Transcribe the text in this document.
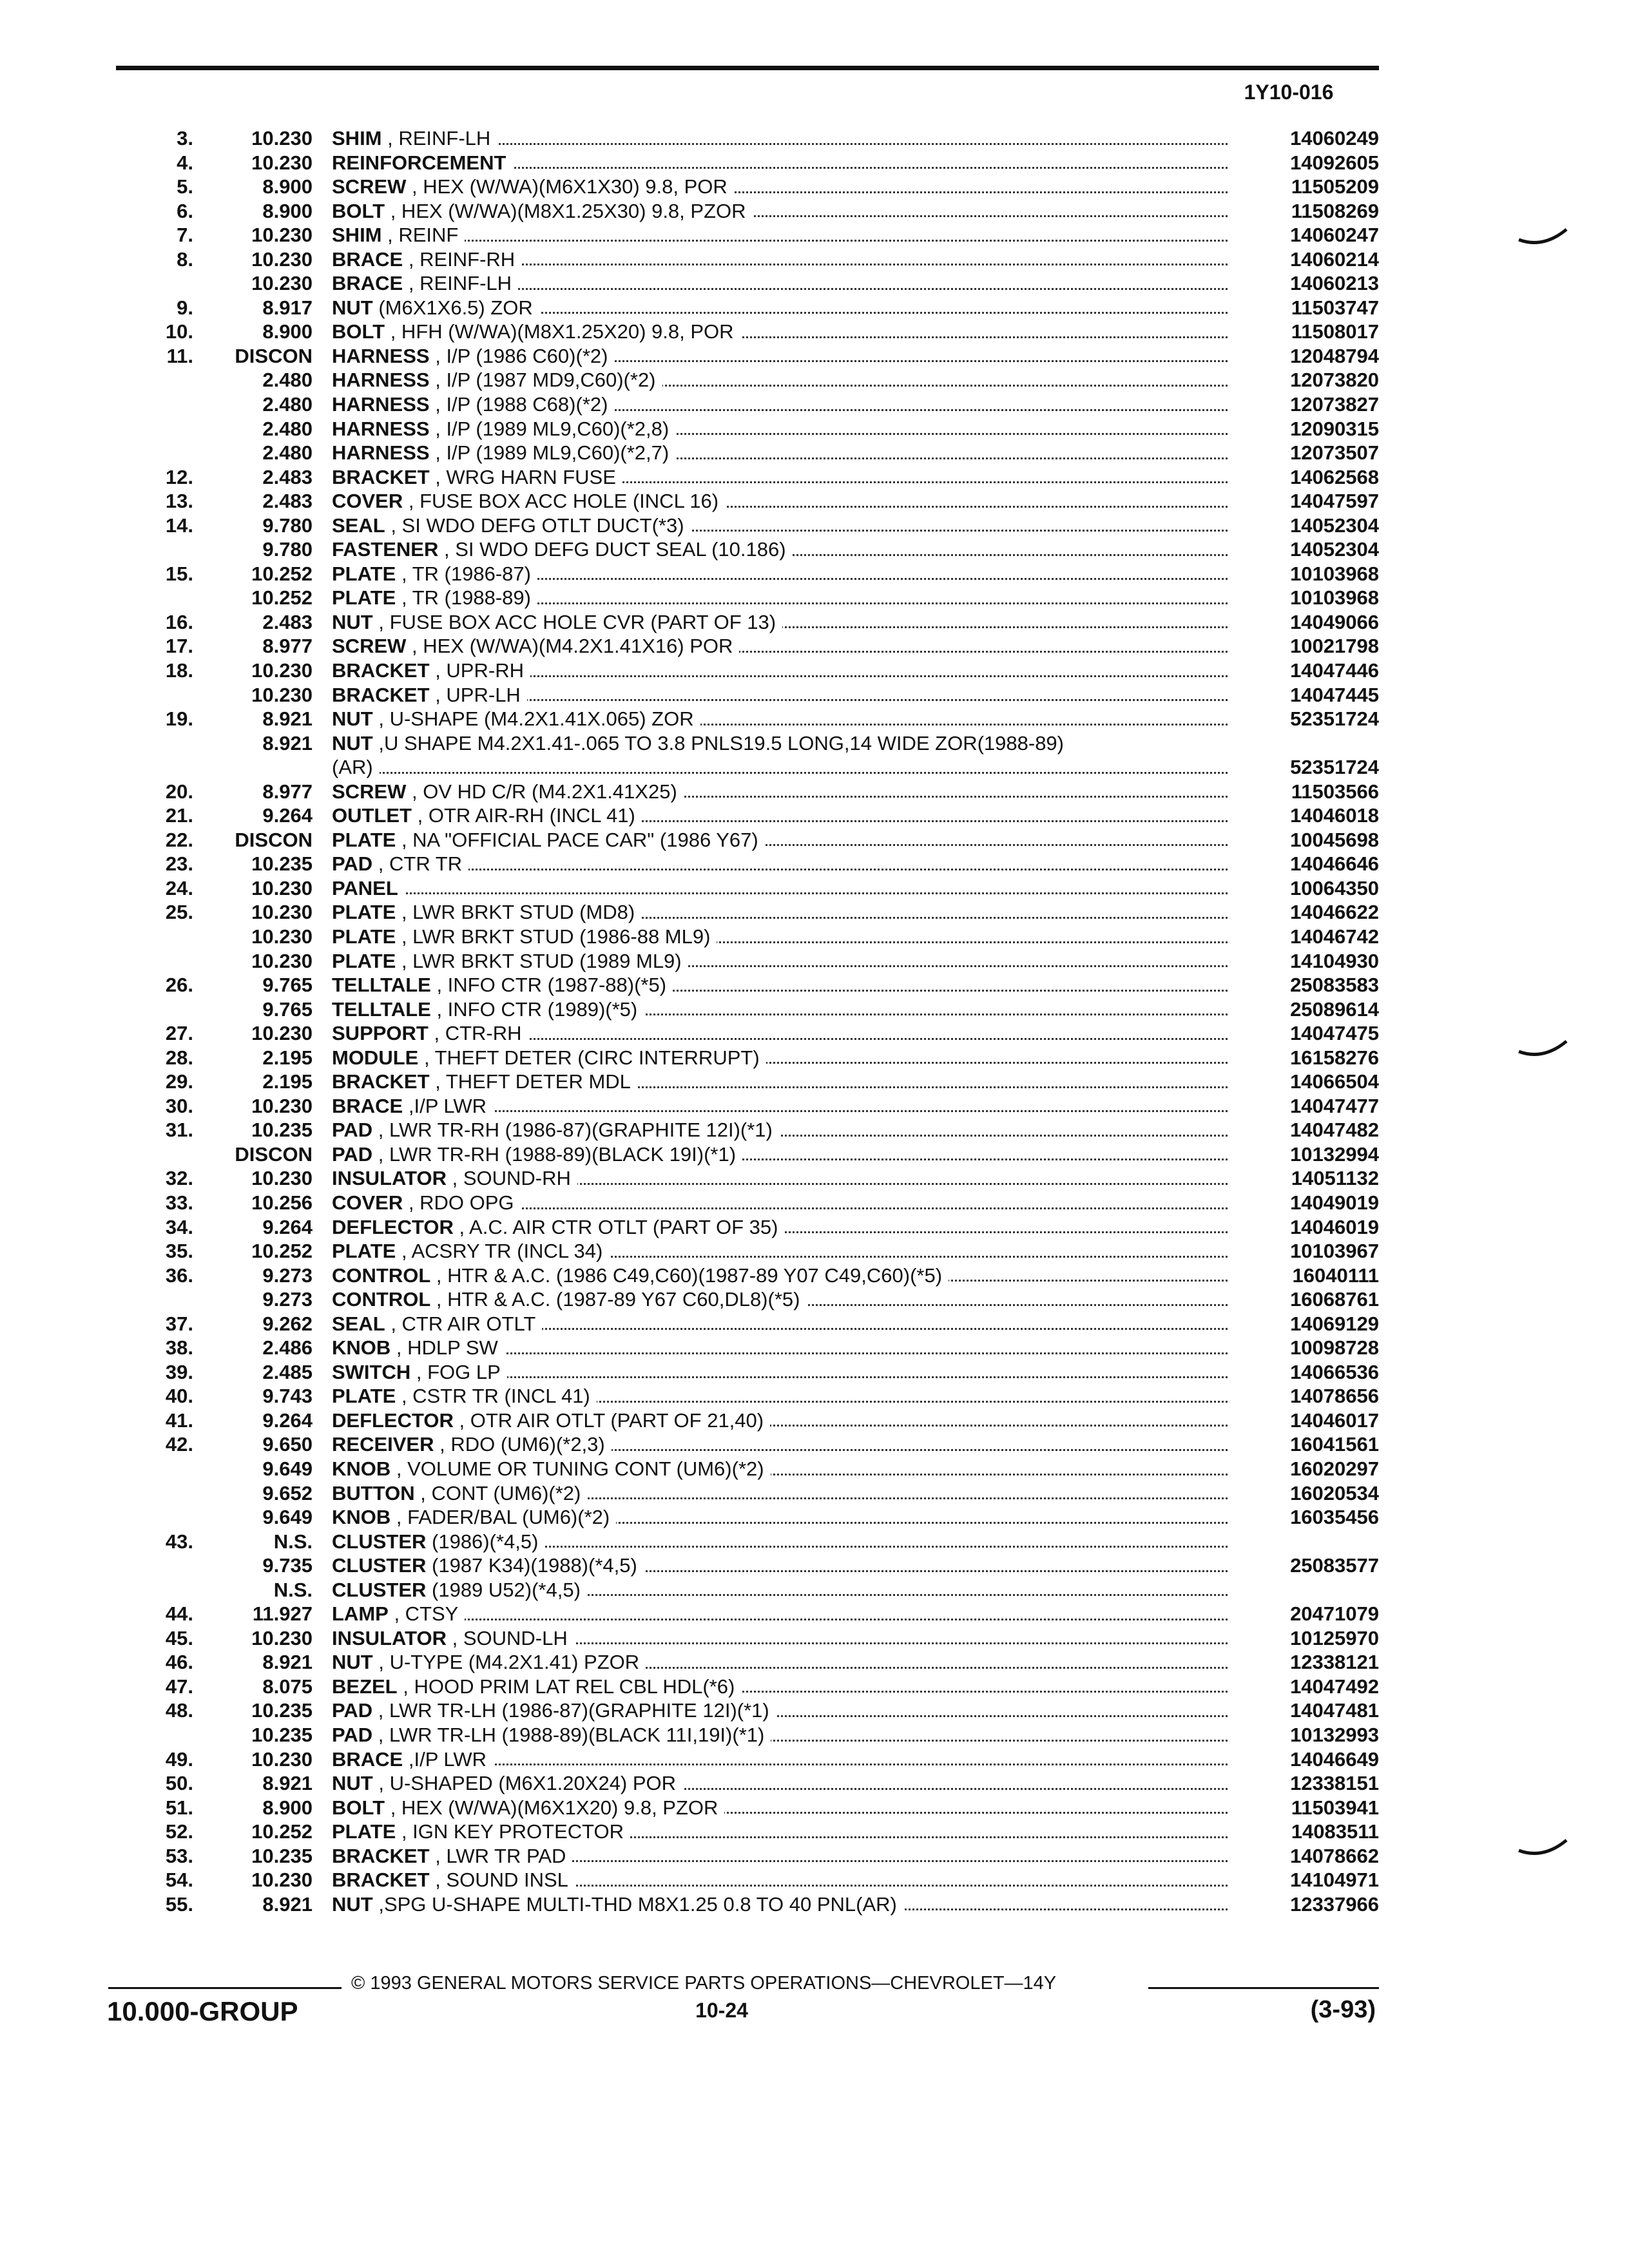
1Y10-016
3.	10.230 SHIM , REINF-LH	14060249
4.	10.230 REINFORCEMENT	14092605
5.	8.900 SCREW , HEX (W/WA)(M6X1X30) 9.8, POR	11505209
6.	8.900 BOLT , HEX (W/WA)(M8X1.25X30) 9.8, PZOR	11508269
7.	10.230 SHIM , REINF	14060247
8.	10.230 BRACE , REINF-RH	14060214
10.230 BRACE , REINF-LH	14060213
9.	8.917 NUT (M6X1X6.5) ZOR	11503747
10.	8.900 BOLT , HFH (W/WA)(M8X1.25X20) 9.8, POR	11508017
11.	DISCON HARNESS , I/P (1986 C60)(*2)	12048794
2.480 HARNESS , I/P (1987 MD9,C60)(*2)	12073820
2.480 HARNESS , I/P (1988 C68)(*2)	12073827
2.480 HARNESS , I/P (1989 ML9,C60)(*2,8)	12090315
2.480 HARNESS , I/P (1989 ML9,C60)(*2,7)	12073507
12.	2.483 BRACKET , WRG HARN FUSE	14062568
13.	2.483 COVER , FUSE BOX ACC HOLE (INCL 16)	14047597
14.	9.780 SEAL , SI WDO DEFG OTLT DUCT(*3)	14052304
9.780 FASTENER , SI WDO DEFG DUCT SEAL (10.186)	14052304
15.	10.252 PLATE , TR (1986-87)	10103968
10.252 PLATE , TR (1988-89)	10103968
16.	2.483 NUT , FUSE BOX ACC HOLE CVR (PART OF 13)	14049066
17.	8.977 SCREW , HEX (W/WA)(M4.2X1.41X16) POR	10021798
18.	10.230 BRACKET , UPR-RH	14047446
10.230 BRACKET , UPR-LH	14047445
19.	8.921 NUT , U-SHAPE (M4.2X1.41X.065) ZOR	52351724
8.921 NUT ,U SHAPE M4.2X1.41-.065 TO 3.8 PNLS19.5 LONG,14 WIDE ZOR(1988-89)
(AR)	52351724
20.	8.977 SCREW , OV HD C/R (M4.2X1.41X25)	11503566
21.	9.264 OUTLET , OTR AIR-RH (INCL 41)	14046018
22.	DISCON PLATE , NA "OFFICIAL PACE CAR" (1986 Y67)	10045698
23.	10.235 PAD , CTR TR	14046646
24.	10.230 PANEL	10064350
25.	10.230 PLATE , LWR BRKT STUD (MD8)	14046622
10.230 PLATE , LWR BRKT STUD (1986-88 ML9)	14046742
10.230 PLATE , LWR BRKT STUD (1989 ML9)	14104930
26.	9.765 TELLTALE , INFO CTR (1987-88)(*5)	25083583
9.765 TELLTALE , INFO CTR (1989)(*5)	25089614
27.	10.230 SUPPORT , CTR-RH	14047475
28.	2.195 MODULE , THEFT DETER (CIRC INTERRUPT)	16158276
29.	2.195 BRACKET , THEFT DETER MDL	14066504
30.	10.230 BRACE ,I/P LWR	14047477
31.	10.235 PAD , LWR TR-RH (1986-87)(GRAPHITE 12I)(*1)	14047482
DISCON PAD , LWR TR-RH (1988-89)(BLACK 19I)(*1)	10132994
32.	10.230 INSULATOR , SOUND-RH	14051132
33.	10.256 COVER , RDO OPG	14049019
34.	9.264 DEFLECTOR , A.C. AIR CTR OTLT (PART OF 35)	14046019
35.	10.252 PLATE , ACSRY TR (INCL 34)	10103967
36.	9.273 CONTROL , HTR & A.C. (1986 C49,C60)(1987-89 Y07 C49,C60)(*5)	16040111
9.273 CONTROL , HTR & A.C. (1987-89 Y67 C60,DL8)(*5)	16068761
37.	9.262 SEAL , CTR AIR OTLT	14069129
38.	2.486 KNOB , HDLP SW	10098728
39.	2.485 SWITCH , FOG LP	14066536
40.	9.743 PLATE , CSTR TR (INCL 41)	14078656
41.	9.264 DEFLECTOR , OTR AIR OTLT (PART OF 21,40)	14046017
42.	9.650 RECEIVER , RDO (UM6)(*2,3)	16041561
9.649 KNOB , VOLUME OR TUNING CONT (UM6)(*2)	16020297
9.652 BUTTON , CONT (UM6)(*2)	16020534
9.649 KNOB , FADER/BAL (UM6)(*2)	16035456
43.	N.S. CLUSTER (1986)(*4,5)
9.735 CLUSTER (1987 K34)(1988)(*4,5)	25083577
N.S. CLUSTER (1989 U52)(*4,5)
44.	11.927 LAMP , CTSY	20471079
45.	10.230 INSULATOR , SOUND-LH	10125970
46.	8.921 NUT , U-TYPE (M4.2X1.41) PZOR	12338121
47.	8.075 BEZEL , HOOD PRIM LAT REL CBL HDL(*6)	14047492
48.	10.235 PAD , LWR TR-LH (1986-87)(GRAPHITE 12I)(*1)	14047481
10.235 PAD , LWR TR-LH (1988-89)(BLACK 11I,19I)(*1)	10132993
49.	10.230 BRACE ,I/P LWR	14046649
50.	8.921 NUT , U-SHAPED (M6X1.20X24) POR	12338151
51.	8.900 BOLT , HEX (W/WA)(M6X1X20) 9.8, PZOR	11503941
52.	10.252 PLATE , IGN KEY PROTECTOR	14083511
53.	10.235 BRACKET , LWR TR PAD	14078662
54.	10.230 BRACKET , SOUND INSL	14104971
55.	8.921 NUT ,SPG U-SHAPE MULTI-THD M8X1.25 0.8 TO 40 PNL(AR)	12337966
© 1993 GENERAL MOTORS SERVICE PARTS OPERATIONS—CHEVROLET—14Y
10.000-GROUP	10-24	(3-93)
